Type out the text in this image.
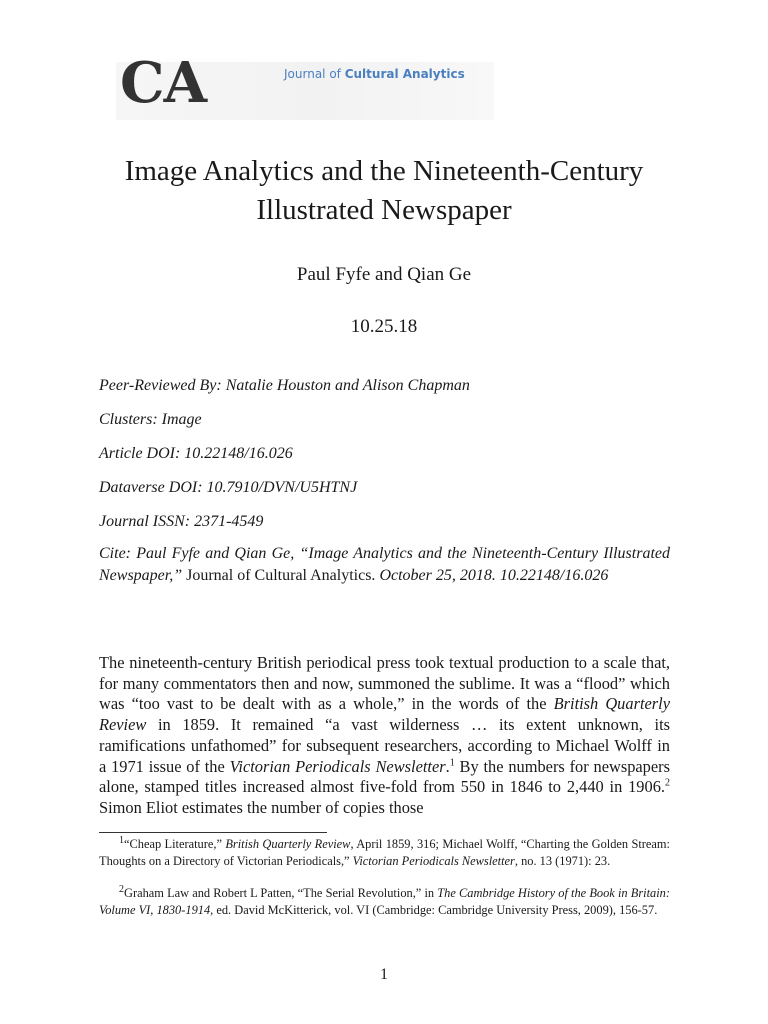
CA	Journal of Cultural Analytics
Image Analytics and the Nineteenth-Century
Illustrated Newspaper
Paul Fyfe and Qian Ge
10.25.18
Peer-Reviewed By: Natalie Houston and Alison Chapman
Clusters: Image
Article DOI: 10.22148/16.026
Dataverse DOI: 10.7910/DVN/U5HTNJ
Journal ISSN: 2371-4549
Cite: Paul Fyfe and Qian Ge, “Image Analytics and the Nineteenth-Century Illustrated Newspaper,” Journal of Cultural Analytics. October 25, 2018. 10.22148/16.026
The nineteenth-century British periodical press took textual production to a scale that, for many commentators then and now, summoned the sublime. It was a “flood” which was “too vast to be dealt with as a whole,” in the words of the British Quarterly Review in 1859. It remained “a vast wilderness … its extent unknown, its ramifications unfathomed” for subsequent researchers, according to Michael Wolff in a 1971 issue of the Victorian Periodicals Newsletter.$^1$ By the numbers for newspapers alone, stamped titles increased almost five-fold from 550 in 1846 to 2,440 in 1906.$^2$ Simon Eliot estimates the number of copies those
$^1$“Cheap Literature,” British Quarterly Review, April 1859, 316; Michael Wolff, “Charting the Golden Stream: Thoughts on a Directory of Victorian Periodicals,” Victorian Periodicals Newsletter, no. 13 (1971): 23.
$^2$Graham Law and Robert L Patten, “The Serial Revolution,” in The Cambridge History of the Book in Britain: Volume VI, 1830-1914, ed. David McKitterick, vol. VI (Cambridge: Cambridge University Press, 2009), 156-57.
1
